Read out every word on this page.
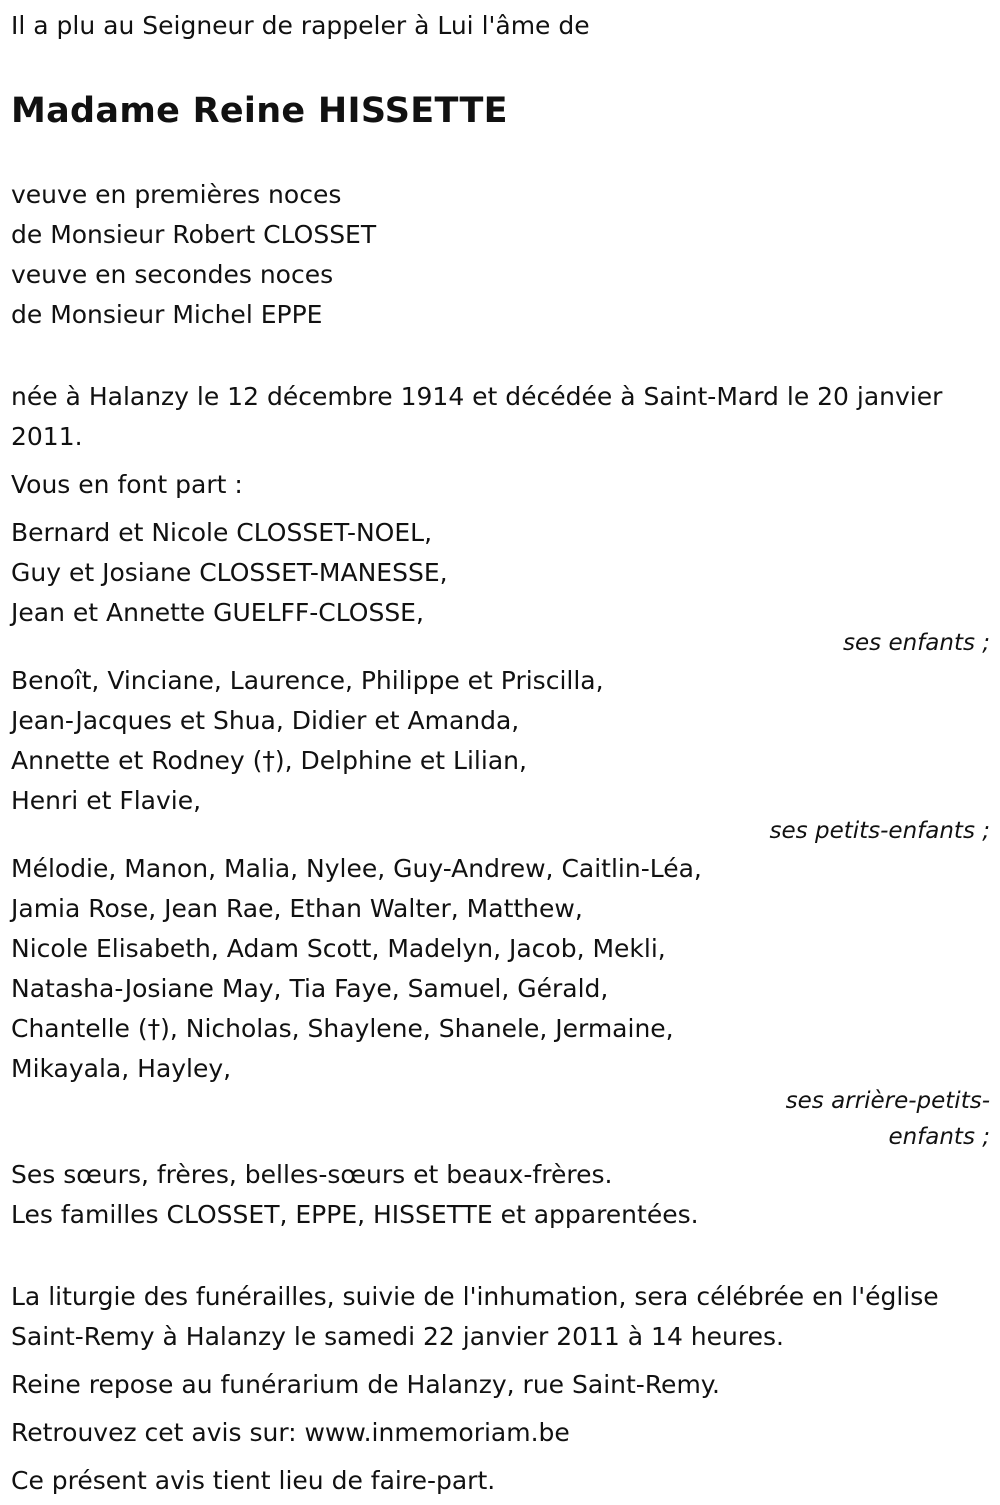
Il a plu au Seigneur de rappeler à Lui l'âme de

Madame Reine HISSETTE

veuve en premières noces

de Monsieur Robert CLOSSET

veuve en secondes noces

de Monsieur Michel EPPE

née à Halanzy le 12 décembre 1914 et décédée à Saint-Mard le 20 janvier 2011.

Vous en font part :

Bernard et Nicole CLOSSET-NOEL,

Guy et Josiane CLOSSET-MANESSE,

Jean et Annette GUELFF-CLOSSE,

ses enfants ;

Benoît, Vinciane, Laurence, Philippe et Priscilla,

Jean-Jacques et Shua, Didier et Amanda,

Annette et Rodney (†), Delphine et Lilian,

Henri et Flavie,

ses petits-enfants ;

Mélodie, Manon, Malia, Nylee, Guy-Andrew, Caitlin-Léa,

Jamia Rose, Jean Rae, Ethan Walter, Matthew,

Nicole Elisabeth, Adam Scott, Madelyn, Jacob, Mekli,

Natasha-Josiane May, Tia Faye, Samuel, Gérald,

Chantelle (†), Nicholas, Shaylene, Shanele, Jermaine,

Mikayala, Hayley,

ses arrière-petits-

enfants ;

Ses sœurs, frères, belles-sœurs et beaux-frères.

Les familles CLOSSET, EPPE, HISSETTE et apparentées.

La liturgie des funérailles, suivie de l'inhumation, sera célébrée en l'église Saint-Remy à Halanzy le samedi 22 janvier 2011 à 14 heures.

Reine repose au funérarium de Halanzy, rue Saint-Remy.

Retrouvez cet avis sur: www.inmemoriam.be

Ce présent avis tient lieu de faire-part.
